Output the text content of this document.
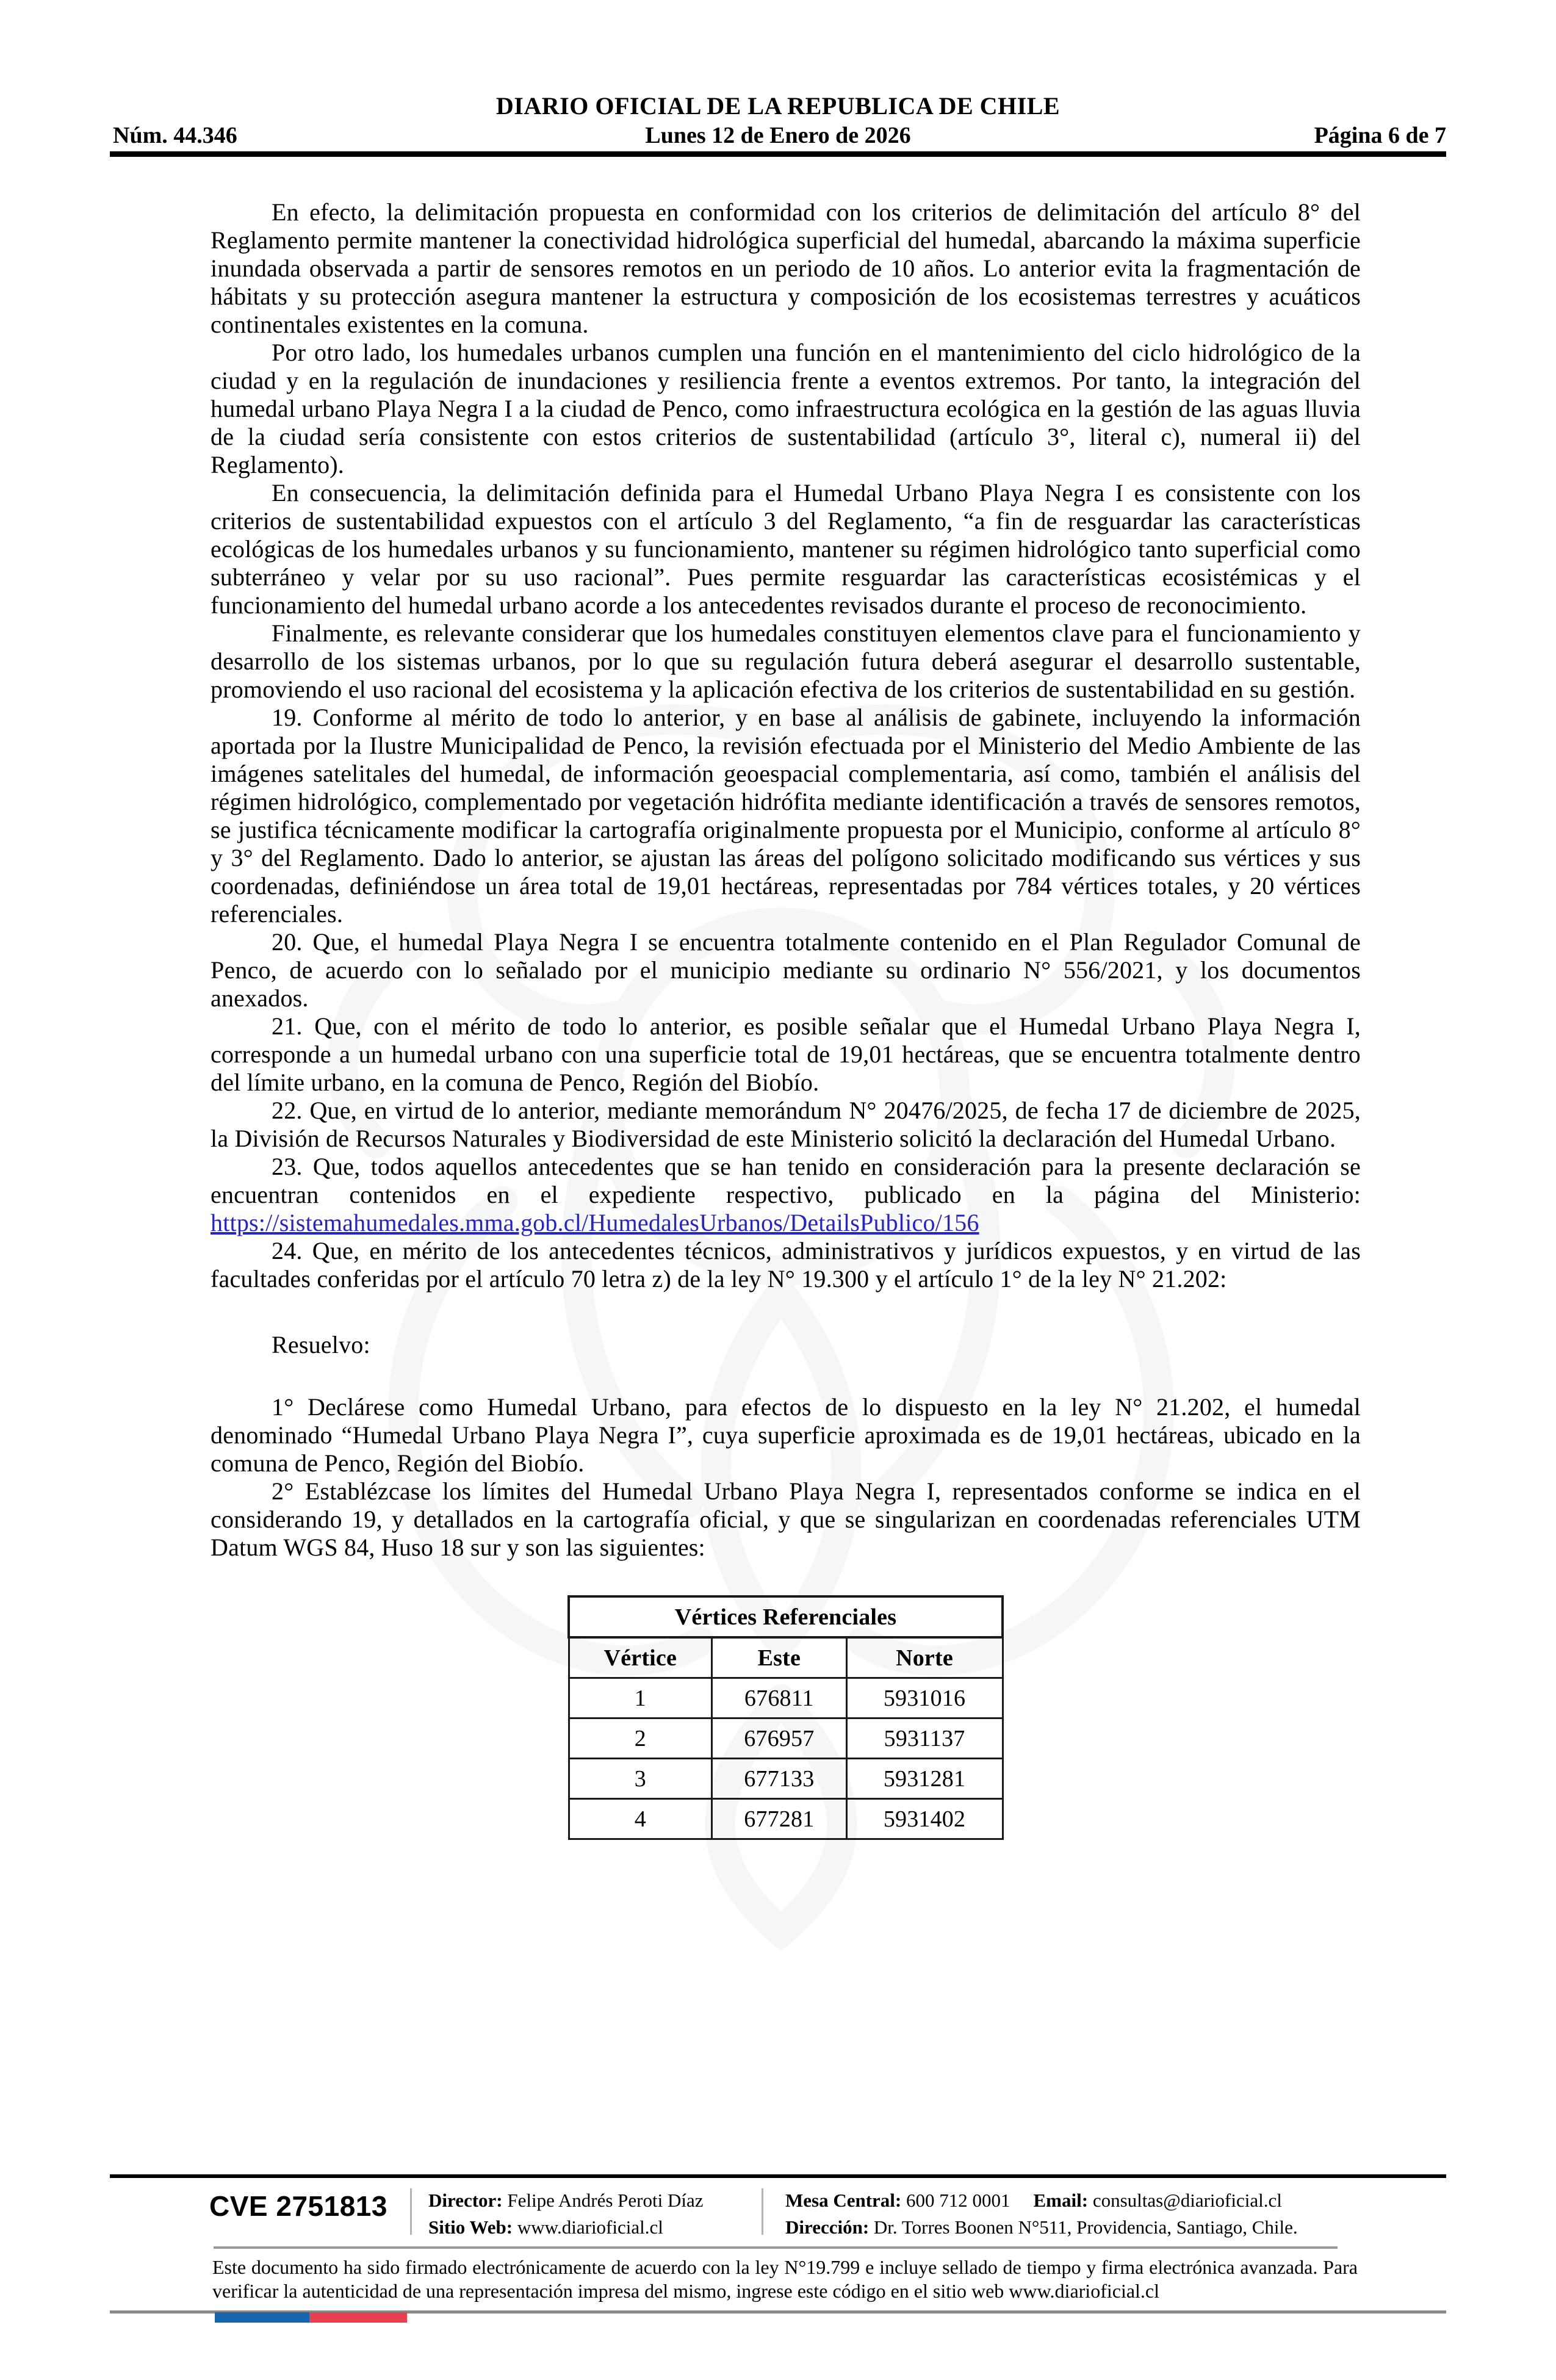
DIARIO OFICIAL DE LA REPUBLICA DE CHILE
Núm. 44.346	Lunes 12 de Enero de 2026	Página 6 de 7

En efecto, la delimitación propuesta en conformidad con los criterios de delimitación del artículo 8° del Reglamento permite mantener la conectividad hidrológica superficial del humedal, abarcando la máxima superficie inundada observada a partir de sensores remotos en un periodo de 10 años. Lo anterior evita la fragmentación de hábitats y su protección asegura mantener la estructura y composición de los ecosistemas terrestres y acuáticos continentales existentes en la comuna.

Por otro lado, los humedales urbanos cumplen una función en el mantenimiento del ciclo hidrológico de la ciudad y en la regulación de inundaciones y resiliencia frente a eventos extremos. Por tanto, la integración del humedal urbano Playa Negra I a la ciudad de Penco, como infraestructura ecológica en la gestión de las aguas lluvia de la ciudad sería consistente con estos criterios de sustentabilidad (artículo 3°, literal c), numeral ii) del Reglamento).

En consecuencia, la delimitación definida para el Humedal Urbano Playa Negra I es consistente con los criterios de sustentabilidad expuestos con el artículo 3 del Reglamento, “a fin de resguardar las características ecológicas de los humedales urbanos y su funcionamiento, mantener su régimen hidrológico tanto superficial como subterráneo y velar por su uso racional”. Pues permite resguardar las características ecosistémicas y el funcionamiento del humedal urbano acorde a los antecedentes revisados durante el proceso de reconocimiento.

Finalmente, es relevante considerar que los humedales constituyen elementos clave para el funcionamiento y desarrollo de los sistemas urbanos, por lo que su regulación futura deberá asegurar el desarrollo sustentable, promoviendo el uso racional del ecosistema y la aplicación efectiva de los criterios de sustentabilidad en su gestión.

19. Conforme al mérito de todo lo anterior, y en base al análisis de gabinete, incluyendo la información aportada por la Ilustre Municipalidad de Penco, la revisión efectuada por el Ministerio del Medio Ambiente de las imágenes satelitales del humedal, de información geoespacial complementaria, así como, también el análisis del régimen hidrológico, complementado por vegetación hidrófita mediante identificación a través de sensores remotos, se justifica técnicamente modificar la cartografía originalmente propuesta por el Municipio, conforme al artículo 8° y 3° del Reglamento. Dado lo anterior, se ajustan las áreas del polígono solicitado modificando sus vértices y sus coordenadas, definiéndose un área total de 19,01 hectáreas, representadas por 784 vértices totales, y 20 vértices referenciales.

20. Que, el humedal Playa Negra I se encuentra totalmente contenido en el Plan Regulador Comunal de Penco, de acuerdo con lo señalado por el municipio mediante su ordinario N° 556/2021, y los documentos anexados.

21. Que, con el mérito de todo lo anterior, es posible señalar que el Humedal Urbano Playa Negra I, corresponde a un humedal urbano con una superficie total de 19,01 hectáreas, que se encuentra totalmente dentro del límite urbano, en la comuna de Penco, Región del Biobío.

22. Que, en virtud de lo anterior, mediante memorándum N° 20476/2025, de fecha 17 de diciembre de 2025, la División de Recursos Naturales y Biodiversidad de este Ministerio solicitó la declaración del Humedal Urbano.

23. Que, todos aquellos antecedentes que se han tenido en consideración para la presente declaración se encuentran contenidos en el expediente respectivo, publicado en la página del Ministerio: https://sistemahumedales.mma.gob.cl/HumedalesUrbanos/DetailsPublico/156

24. Que, en mérito de los antecedentes técnicos, administrativos y jurídicos expuestos, y en virtud de las facultades conferidas por el artículo 70 letra z) de la ley N° 19.300 y el artículo 1° de la ley N° 21.202:

Resuelvo:

1° Declárese como Humedal Urbano, para efectos de lo dispuesto en la ley N° 21.202, el humedal denominado “Humedal Urbano Playa Negra I”, cuya superficie aproximada es de 19,01 hectáreas, ubicado en la comuna de Penco, Región del Biobío.

2° Establézcase los límites del Humedal Urbano Playa Negra I, representados conforme se indica en el considerando 19, y detallados en la cartografía oficial, y que se singularizan en coordenadas referenciales UTM Datum WGS 84, Huso 18 sur y son las siguientes:

Vértices Referenciales		
Vértice	Este	Norte
1	676811	5931016
2	676957	5931137
3	677133	5931281
4	677281	5931402
CVE 2751813 Director: Felipe Andrés Peroti Díaz
Sitio Web: www.diarioficial.cl
Mesa Central: 600 712 0001 Email: consultas@diarioficial.cl
Dirección: Dr. Torres Boonen N°511, Providencia, Santiago, Chile.
Este documento ha sido firmado electrónicamente de acuerdo con la ley N°19.799 e incluye sellado de tiempo y firma electrónica avanzada. Para verificar la autenticidad de una representación impresa del mismo, ingrese este código en el sitio web www.diarioficial.cl
